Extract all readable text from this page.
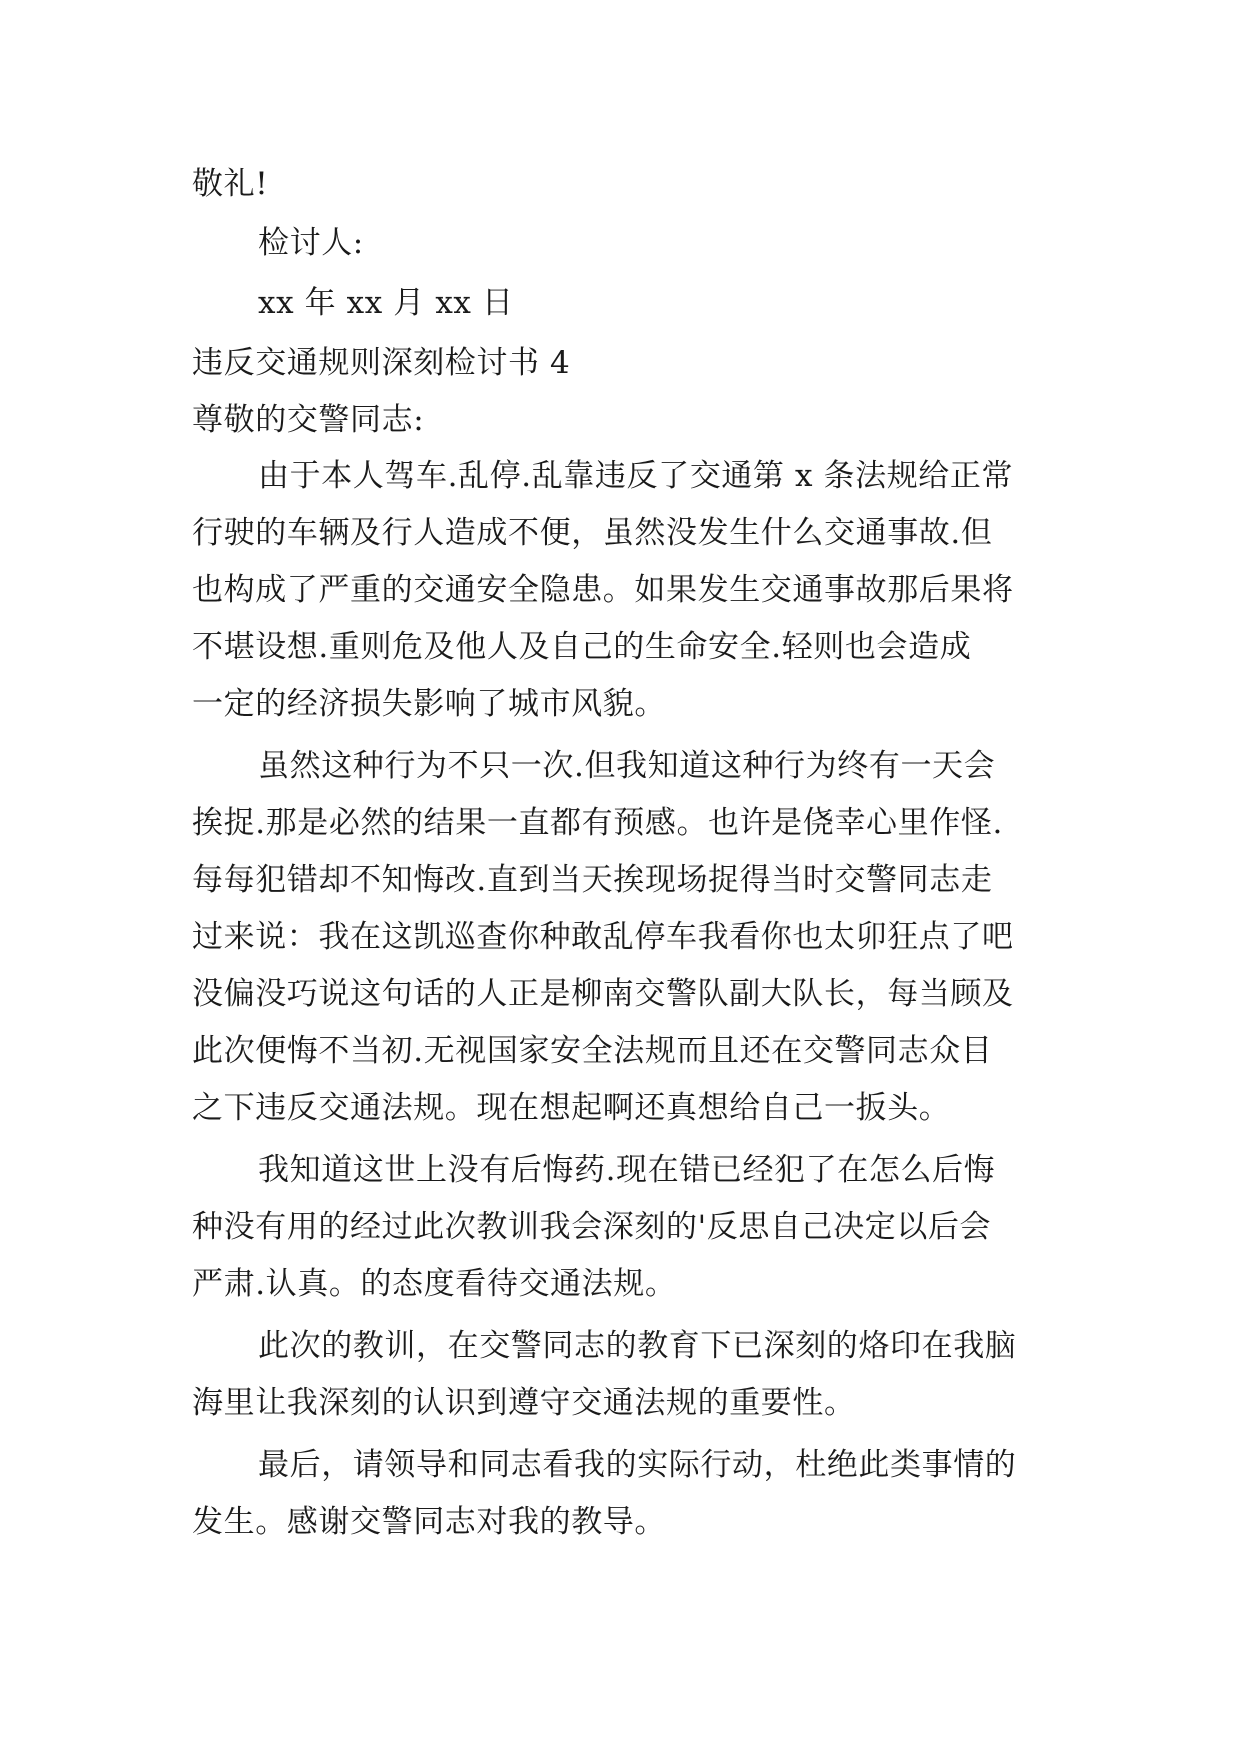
敬礼!
检讨人:
xx 年 xx 月 xx 日
违反交通规则深刻检讨书 4
尊敬的交警同志:
由于本人驾车.乱停.乱靠违反了交通第 x 条法规给正常
行驶的车辆及行人造成不便，虽然没发生什么交通事故.但
也构成了严重的交通安全隐患。如果发生交通事故那后果将
不堪设想.重则危及他人及自己的生命安全.轻则也会造成
一定的经济损失影响了城市风貌。
虽然这种行为不只一次.但我知道这种行为终有一天会
挨捉.那是必然的结果一直都有预感。也许是侥幸心里作怪.
每每犯错却不知悔改.直到当天挨现场捉得当时交警同志走
过来说：我在这凯巡查你种敢乱停车我看你也太卯狂点了吧
没偏没巧说这句话的人正是柳南交警队副大队长，每当顾及
此次便悔不当初.无视国家安全法规而且还在交警同志众目
之下违反交通法规。现在想起啊还真想给自己一扳头。
我知道这世上没有后悔药.现在错已经犯了在怎么后悔
种没有用的经过此次教训我会深刻的'反思自己决定以后会
严肃.认真。的态度看待交通法规。
此次的教训，在交警同志的教育下已深刻的烙印在我脑
海里让我深刻的认识到遵守交通法规的重要性。
最后，请领导和同志看我的实际行动，杜绝此类事情的
发生。感谢交警同志对我的教导。
